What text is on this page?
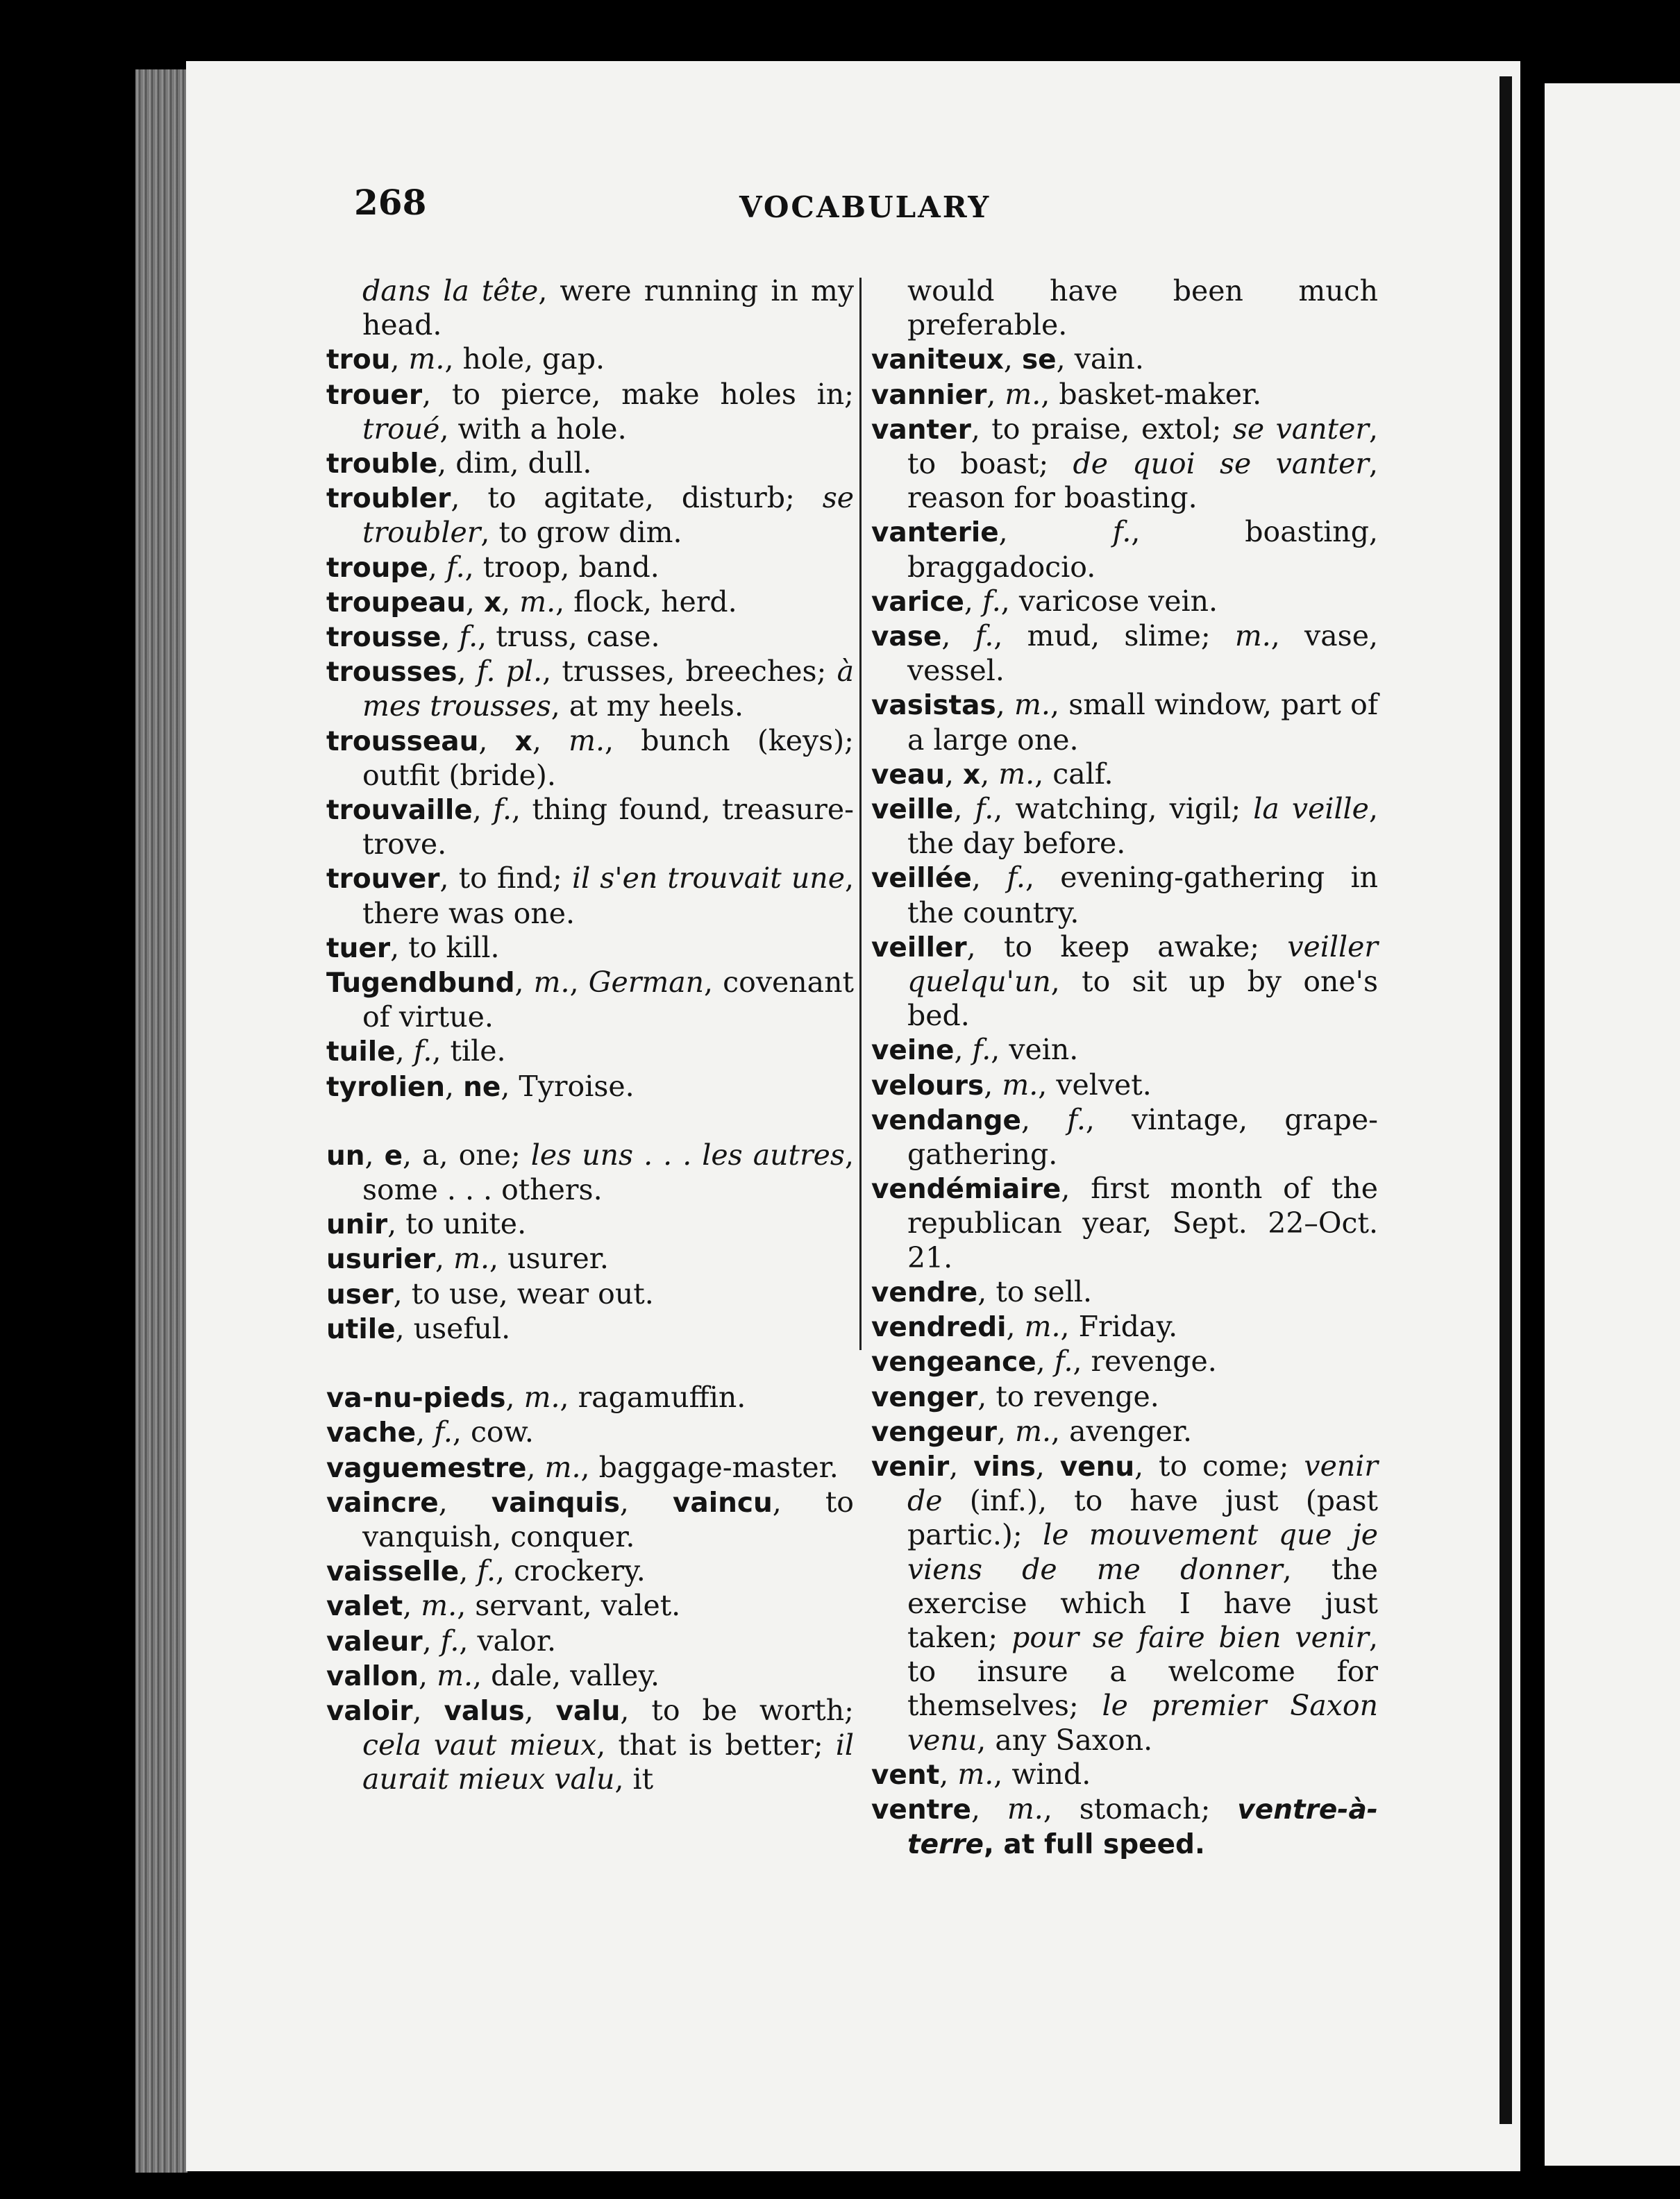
268	VOCABULARY

dans la tête, were running in my head.

trou, m., hole, gap.

trouer, to pierce, make holes in; troué, with a hole.

trouble, dim, dull.

troubler, to agitate, disturb; se troubler, to grow dim.

troupe, f., troop, band.

troupeau, x, m., flock, herd.

trousse, f., truss, case.

trousses, f. pl., trusses, breeches; à mes trousses, at my heels.

trousseau, x, m., bunch (keys); outfit (bride).

trouvaille, f., thing found, treasure-trove.

trouver, to find; il s'en trouvait une, there was one.

tuer, to kill.

Tugendbund, m., German, covenant of virtue.

tuile, f., tile.

tyrolien, ne, Tyroise.

un, e, a, one; les uns . . . les autres, some . . . others.

unir, to unite.

usurier, m., usurer.

user, to use, wear out.

utile, useful.

va-nu-pieds, m., ragamuffin.

vache, f., cow.

vaguemestre, m., baggage-master.

vaincre, vainquis, vaincu, to vanquish, conquer.

vaisselle, f., crockery.

valet, m., servant, valet.

valeur, f., valor.

vallon, m., dale, valley.

valoir, valus, valu, to be worth; cela vaut mieux, that is better; il aurait mieux valu, it

would have been much preferable.

vaniteux, se, vain.

vannier, m., basket-maker.

vanter, to praise, extol; se vanter, to boast; de quoi se vanter, reason for boasting.

vanterie, f., boasting, braggadocio.

varice, f., varicose vein.

vase, f., mud, slime; m., vase, vessel.

vasistas, m., small window, part of a large one.

veau, x, m., calf.

veille, f., watching, vigil; la veille, the day before.

veillée, f., evening-gathering in the country.

veiller, to keep awake; veiller quelqu'un, to sit up by one's bed.

veine, f., vein.

velours, m., velvet.

vendange, f., vintage, grape-gathering.

vendémiaire, first month of the republican year, Sept. 22–Oct. 21.

vendre, to sell.

vendredi, m., Friday.

vengeance, f., revenge.

venger, to revenge.

vengeur, m., avenger.

venir, vins, venu, to come; venir de (inf.), to have just (past partic.); le mouvement que je viens de me donner, the exercise which I have just taken; pour se faire bien venir, to insure a welcome for themselves; le premier Saxon venu, any Saxon.

vent, m., wind.

ventre, m., stomach; ventre-à-terre, at full speed.
